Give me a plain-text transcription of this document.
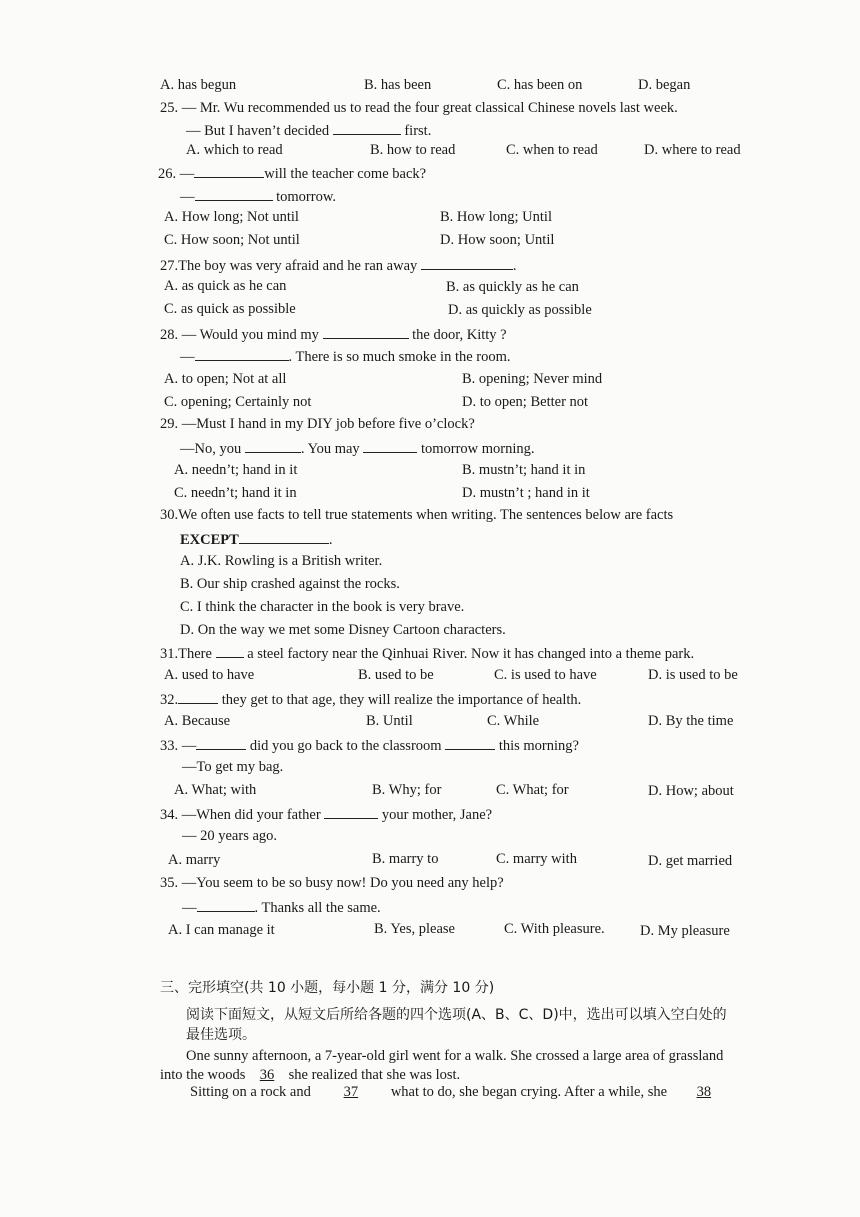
A. has begun	B. has been	C. has been on	D. began
25. — Mr. Wu recommended us to read the four great classical Chinese novels last week.
— But I haven’t decided	first.
A. which to read	B. how to read	C. when to read	D. where to read
26. —	will the teacher come back?
—	tomorrow.
A. How long; Not until	B. How long; Until
C. How soon; Not until	D. How soon; Until
27.The boy was very afraid and he ran away	.
A. as quick as he can	B. as quickly as he can
C. as quick as possible	D. as quickly as possible
28. — Would you mind my	the door, Kitty ?
—	. There is so much smoke in the room.
A. to open; Not at all	B. opening; Never mind
C. opening; Certainly not	D. to open; Better not
29. —Must I hand in my DIY job before five o’clock?
—No, you	. You may	tomorrow morning.
A. needn’t; hand in it	B. mustn’t; hand it in
C. needn’t; hand it in	D. mustn’t ; hand in it
30.We often use facts to tell true statements when writing. The sentences below are facts
EXCEPT	.
A. J.K. Rowling is a British writer.
B. Our ship crashed against the rocks.
C. I think the character in the book is very brave.
D. On the way we met some Disney Cartoon characters.
31.There a steel factory near the Qinhuai River. Now it has changed into a theme park.
A. used to have	B. used to be	C. is used to have	D. is used to be
32.	they get to that age, they will realize the importance of health.
A. Because	B. Until	C. While	D. By the time
33. —	did you go back to the classroom	this morning?
—To get my bag.
A. What; with	B. Why; for	C. What; for	D. How; about
34. —When did your father	your mother, Jane?
— 20 years ago.
A. marry	B. marry to	C. marry with	D. get married
35. —You seem to be so busy now! Do you need any help?
—	. Thanks all the same.
A. I can manage it	B. Yes, please	C. With pleasure. D. My pleasure
三、完形填空(共 10 小题，每小题 1 分，满分 10 分)
阅读下面短文，从短文后所给各题的四个选项(A、B、C、D)中，选出可以填入空白处的
最佳选项。
One sunny afternoon, a 7-year-old girl went for a walk. She crossed a large area of grassland
into the woods 36 she realized that she was lost.
Sitting on a rock and 37 what to do, she began crying. After a while, she 38
